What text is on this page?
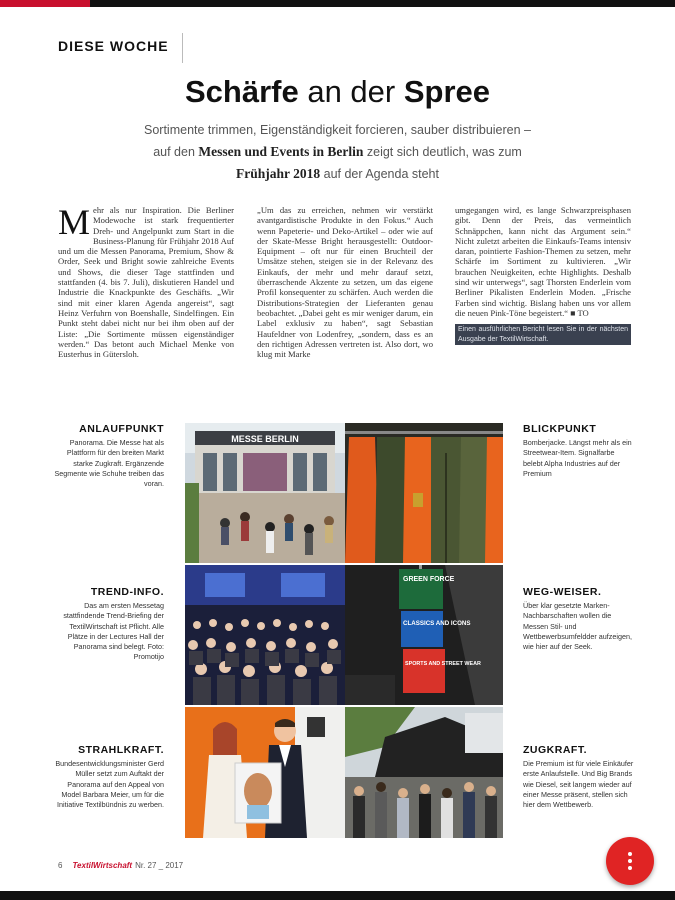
DIESE WOCHE
Schärfe an der Spree
Sortimente trimmen, Eigenständigkeit forcieren, sauber distribuieren –
auf den Messen und Events in Berlin zeigt sich deutlich, was zum
Frühjahr 2018 auf der Agenda steht
Mehr als nur Inspiration. Die Berliner Modewoche ist stark frequentierter Dreh- und Angelpunkt zum Start in die Business-Planung für Frühjahr 2018 Auf und um die Messen Panorama, Premium, Show & Order, Seek und Bright sowie zahlreiche Events und Shows, die dieser Tage stattfinden und stattfanden (4. bis 7. Juli), diskutieren Handel und Industrie die Knackpunkte des Geschäfts. „Wir sind mit einer klaren Agenda angereist“, sagt Heinz Verfuhrn von Boenshalle, Sindelfingen. Ein Punkt steht dabei nicht nur bei ihm oben auf der Liste: „Die Sortimente müssen eigenständiger werden.“ Das betont auch Michael Menke von Eusterhus in Gütersloh.
„Um das zu erreichen, nehmen wir verstärkt avantgardistische Produkte in den Fokus.“ Auch wenn Papeterie- und Deko-Artikel – oder wie auf der Skate-Messe Bright herausgestellt: Outdoor-Equipment – oft nur für einen Bruchteil der Umsätze stehen, steigen sie in der Relevanz des Einkaufs, der mehr und mehr darauf setzt, überraschende Akzente zu setzen, um das eigene Profil konsequenter zu schärfen. Auch werden die Distributions-Strategien der Lieferanten genau beobachtet. „Dabei geht es mir weniger darum, ein Label exklusiv zu haben“, sagt Sebastian Haufeldner von Lodenfrey, „sondern, dass es an den richtigen Adressen vertreten ist. Also dort, wo klug mit Marke
umgegangen wird, es lange Schwarzpreisphasen gibt. Denn der Preis, das vermeintlich Schnäppchen, kann nicht das Argument sein.“ Nicht zuletzt arbeiten die Einkaufs-Teams intensiv daran, pointierte Fashion-Themen zu setzen, mehr Schärfe im Sortiment zu kultivieren. „Wir brauchen Neuigkeiten, echte Highlights. Deshalb sind wir unterwegs“, sagt Thorsten Enderlein vom Berliner Pikalisten Enderlein Moden. „Frische Farben sind wichtig. Bislang haben uns vor allem die neuen Pink-Töne begeistert.“ ■ TO
Einen ausführlichen Bericht lesen Sie in der nächsten Ausgabe der TextilWirtschaft.
ANLAUFPUNKT
Panorama. Die Messe hat als Plattform für den breiten Markt starke Zugkraft. Ergänzende Segmente wie Schuhe treiben das voran.
TREND-INFO.
Das am ersten Messetag stattfindende Trend-Briefing der TextilWirtschaft ist Pflicht. Alle Plätze in der Lectures Hall der Panorama sind belegt. Foto: Promotijo
STRAHLKRAFT.
Bundesentwicklungsminister Gerd Müller setzt zum Auftakt der Panorama auf den Appeal von Model Barbara Meier, um für die Initiative Textilbündnis zu werben.
BLICKPUNKT
Bomberjacke. Längst mehr als ein Streetwear-Item. Signalfarbe belebt Alpha Industries auf der Premium
WEG-WEISER.
Über klar gesetzte Marken-Nachbarschaften wollen die Messen Stil- und Wettbewerbsumfeldder aufzeigen, wie hier auf der Seek.
ZUGKRAFT.
Die Premium ist für viele Einkäufer erste Anlaufstelle. Und Big Brands wie Diesel, seit langem wieder auf einer Messe präsent, stellen sich hier dem Wettbewerb.
MESSE BERLIN
GREEN FORCE
CLASSICS AND ICONS
SPORTS AND STREET WEAR
6 TextilWirtschaft Nr. 27 _ 2017
